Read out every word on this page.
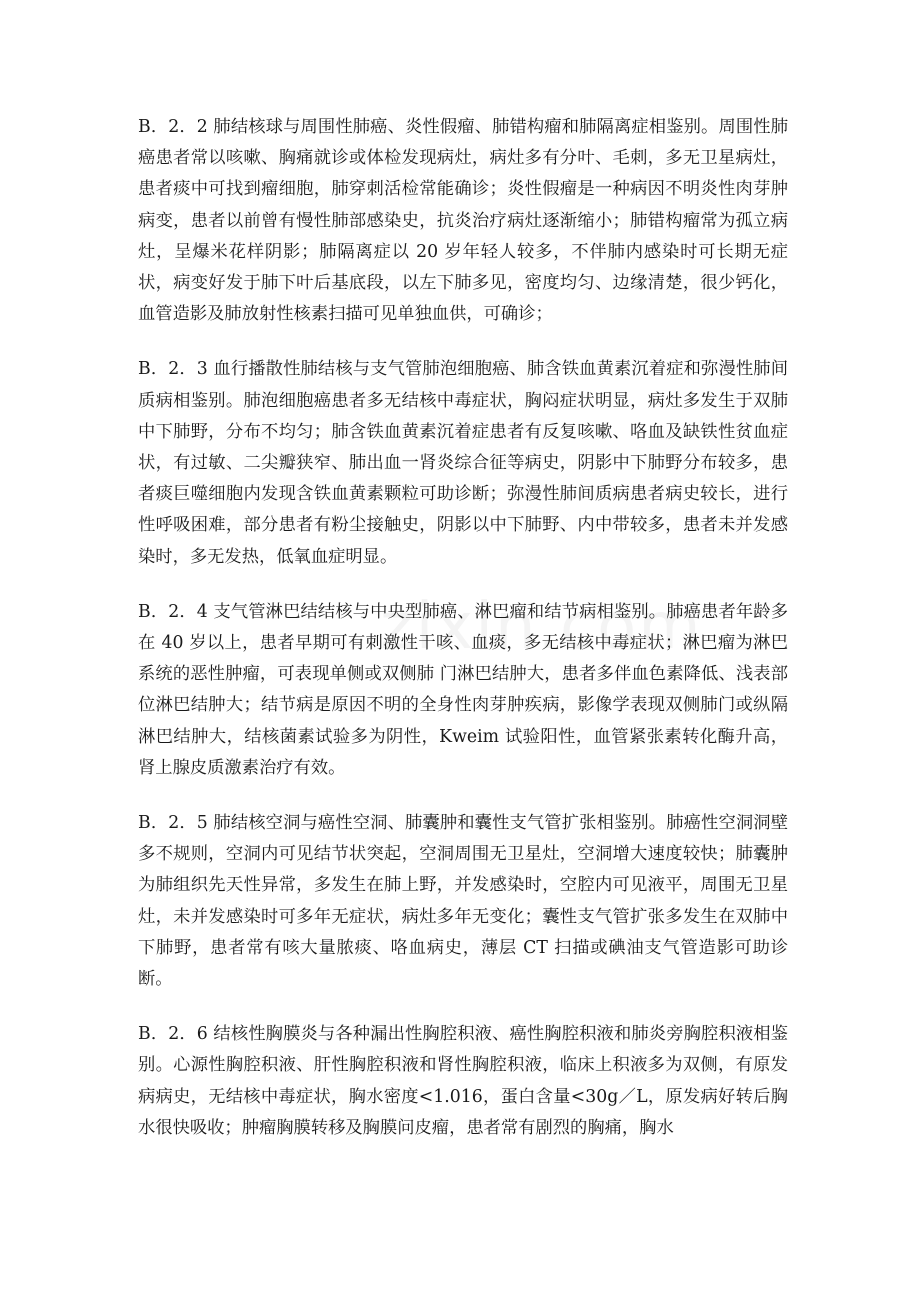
B．2．2 肺结核球与周围性肺癌、炎性假瘤、肺错构瘤和肺隔离症相鉴别。周围性肺癌患者常以咳嗽、胸痛就诊或体检发现病灶，病灶多有分叶、毛刺，多无卫星病灶，患者痰中可找到瘤细胞，肺穿刺活检常能确诊；炎性假瘤是一种病因不明炎性肉芽肿病变，患者以前曾有慢性肺部感染史，抗炎治疗病灶逐渐缩小；肺错构瘤常为孤立病灶，呈爆米花样阴影；肺隔离症以 20 岁年轻人较多，不伴肺内感染时可长期无症状，病变好发于肺下叶后基底段，以左下肺多见，密度均匀、边缘清楚，很少钙化，血管造影及肺放射性核素扫描可见单独血供，可确诊；

B．2．3 血行播散性肺结核与支气管肺泡细胞癌、肺含铁血黄素沉着症和弥漫性肺间质病相鉴别。肺泡细胞癌患者多无结核中毒症状，胸闷症状明显，病灶多发生于双肺中下肺野，分布不均匀；肺含铁血黄素沉着症患者有反复咳嗽、咯血及缺铁性贫血症状，有过敏、二尖瓣狭窄、肺出血一肾炎综合征等病史，阴影中下肺野分布较多，患者痰巨噬细胞内发现含铁血黄素颗粒可助诊断；弥漫性肺间质病患者病史较长，进行性呼吸困难，部分患者有粉尘接触史，阴影以中下肺野、内中带较多，患者未并发感染时，多无发热，低氧血症明显。

B．2．4 支气管淋巴结结核与中央型肺癌、淋巴瘤和结节病相鉴别。肺癌患者年龄多在 40 岁以上，患者早期可有刺激性干咳、血痰，多无结核中毒症状；淋巴瘤为淋巴系统的恶性肿瘤，可表现单侧或双侧肺 门淋巴结肿大，患者多伴血色素降低、浅表部位淋巴结肿大；结节病是原因不明的全身性肉芽肿疾病，影像学表现双侧肺门或纵隔淋巴结肿大，结核菌素试验多为阴性，Kweim 试验阳性，血管紧张素转化酶升高，肾上腺皮质激素治疗有效。

B．2．5 肺结核空洞与癌性空洞、肺囊肿和囊性支气管扩张相鉴别。肺癌性空洞洞壁多不规则，空洞内可见结节状突起，空洞周围无卫星灶，空洞增大速度较快；肺囊肿为肺组织先天性异常，多发生在肺上野，并发感染时，空腔内可见液平，周围无卫星灶，未并发感染时可多年无症状，病灶多年无变化；囊性支气管扩张多发生在双肺中下肺野，患者常有咳大量脓痰、咯血病史，薄层 CT 扫描或碘油支气管造影可助诊断。

B．2．6 结核性胸膜炎与各种漏出性胸腔积液、癌性胸腔积液和肺炎旁胸腔积液相鉴别。心源性胸腔积液、肝性胸腔积液和肾性胸腔积液，临床上积液多为双侧，有原发病病史，无结核中毒症状，胸水密度<1.016，蛋白含量<30g／L，原发病好转后胸水很快吸收；肿瘤胸膜转移及胸膜问皮瘤，患者常有剧烈的胸痛，胸水
